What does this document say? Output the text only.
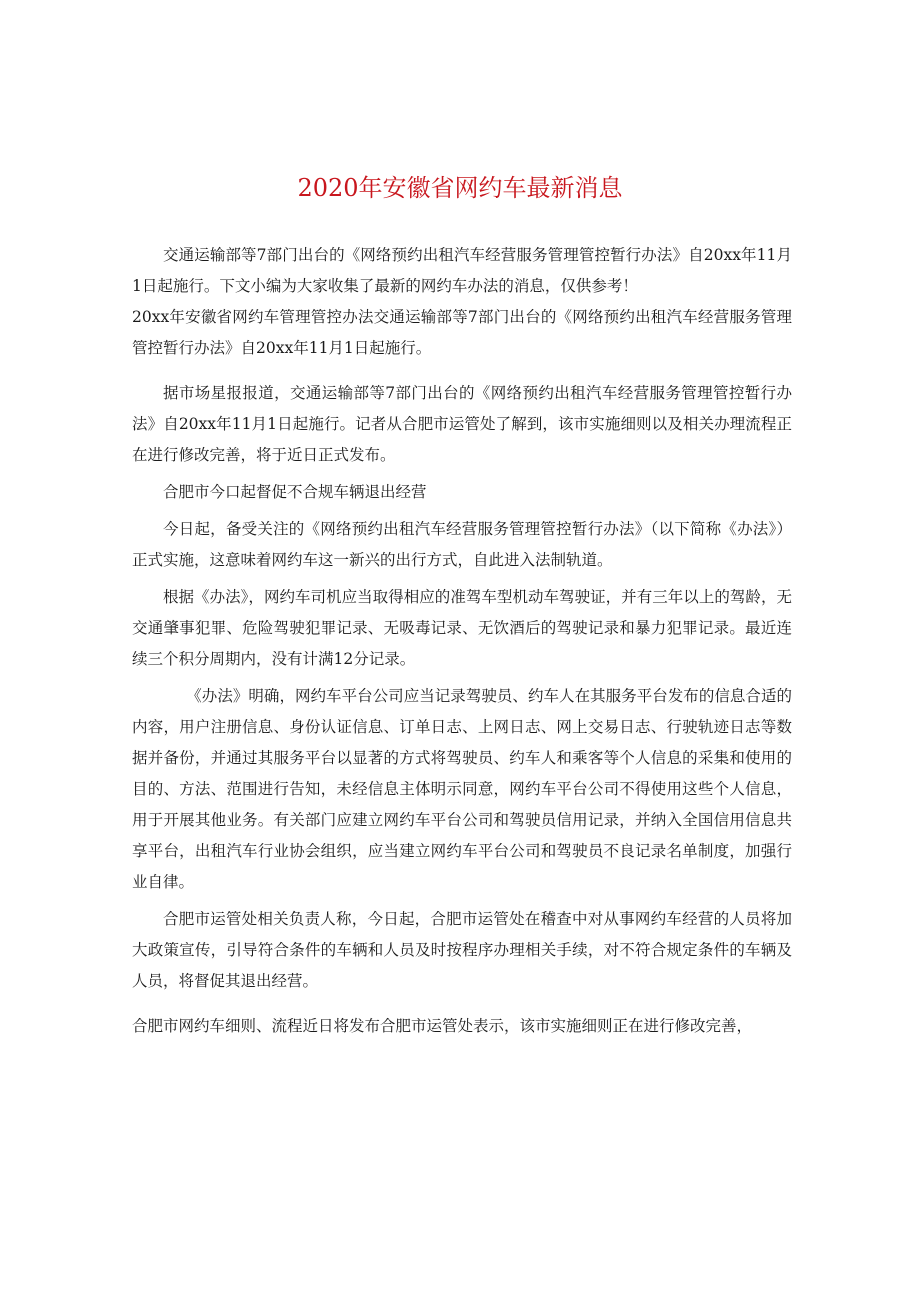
2020年安徽省网约车最新消息

交通运输部等7部门出台的《网络预约出租汽车经营服务管理管控暂行办法》自20xx年11月1日起施行。下文小编为大家收集了最新的网约车办法的消息，仅供参考！

20xx年安徽省网约车管理管控办法交通运输部等7部门出台的《网络预约出租汽车经营服务管理管控暂行办法》自20xx年11月1日起施行。

据市场星报报道，交通运输部等7部门出台的《网络预约出租汽车经营服务管理管控暂行办法》自20xx年11月1日起施行。记者从合肥市运管处了解到，该市实施细则以及相关办理流程正在进行修改完善，将于近日正式发布。

合肥市今口起督促不合规车辆退出经营

今日起，备受关注的《网络预约出租汽车经营服务管理管控暂行办法》（以下简称《办法》）正式实施，这意味着网约车这一新兴的出行方式，自此进入法制轨道。

根据《办法》，网约车司机应当取得相应的准驾车型机动车驾驶证，并有三年以上的驾龄，无交通肇事犯罪、危险驾驶犯罪记录、无吸毒记录、无饮酒后的驾驶记录和暴力犯罪记录。最近连续三个积分周期内，没有计满12分记录。

《办法》明确，网约车平台公司应当记录驾驶员、约车人在其服务平台发布的信息合适的内容，用户注册信息、身份认证信息、订单日志、上网日志、网上交易日志、行驶轨迹日志等数据并备份，并通过其服务平台以显著的方式将驾驶员、约车人和乘客等个人信息的采集和使用的目的、方法、范围进行告知，未经信息主体明示同意，网约车平台公司不得使用这些个人信息，用于开展其他业务。有关部门应建立网约车平台公司和驾驶员信用记录，并纳入全国信用信息共享平台，出租汽车行业协会组织，应当建立网约车平台公司和驾驶员不良记录名单制度，加强行业自律。

合肥市运管处相关负责人称，今日起，合肥市运管处在稽查中对从事网约车经营的人员将加大政策宣传，引导符合条件的车辆和人员及时按程序办理相关手续，对不符合规定条件的车辆及人员，将督促其退出经营。

合肥市网约车细则、流程近日将发布合肥市运管处表示，该市实施细则正在进行修改完善，
